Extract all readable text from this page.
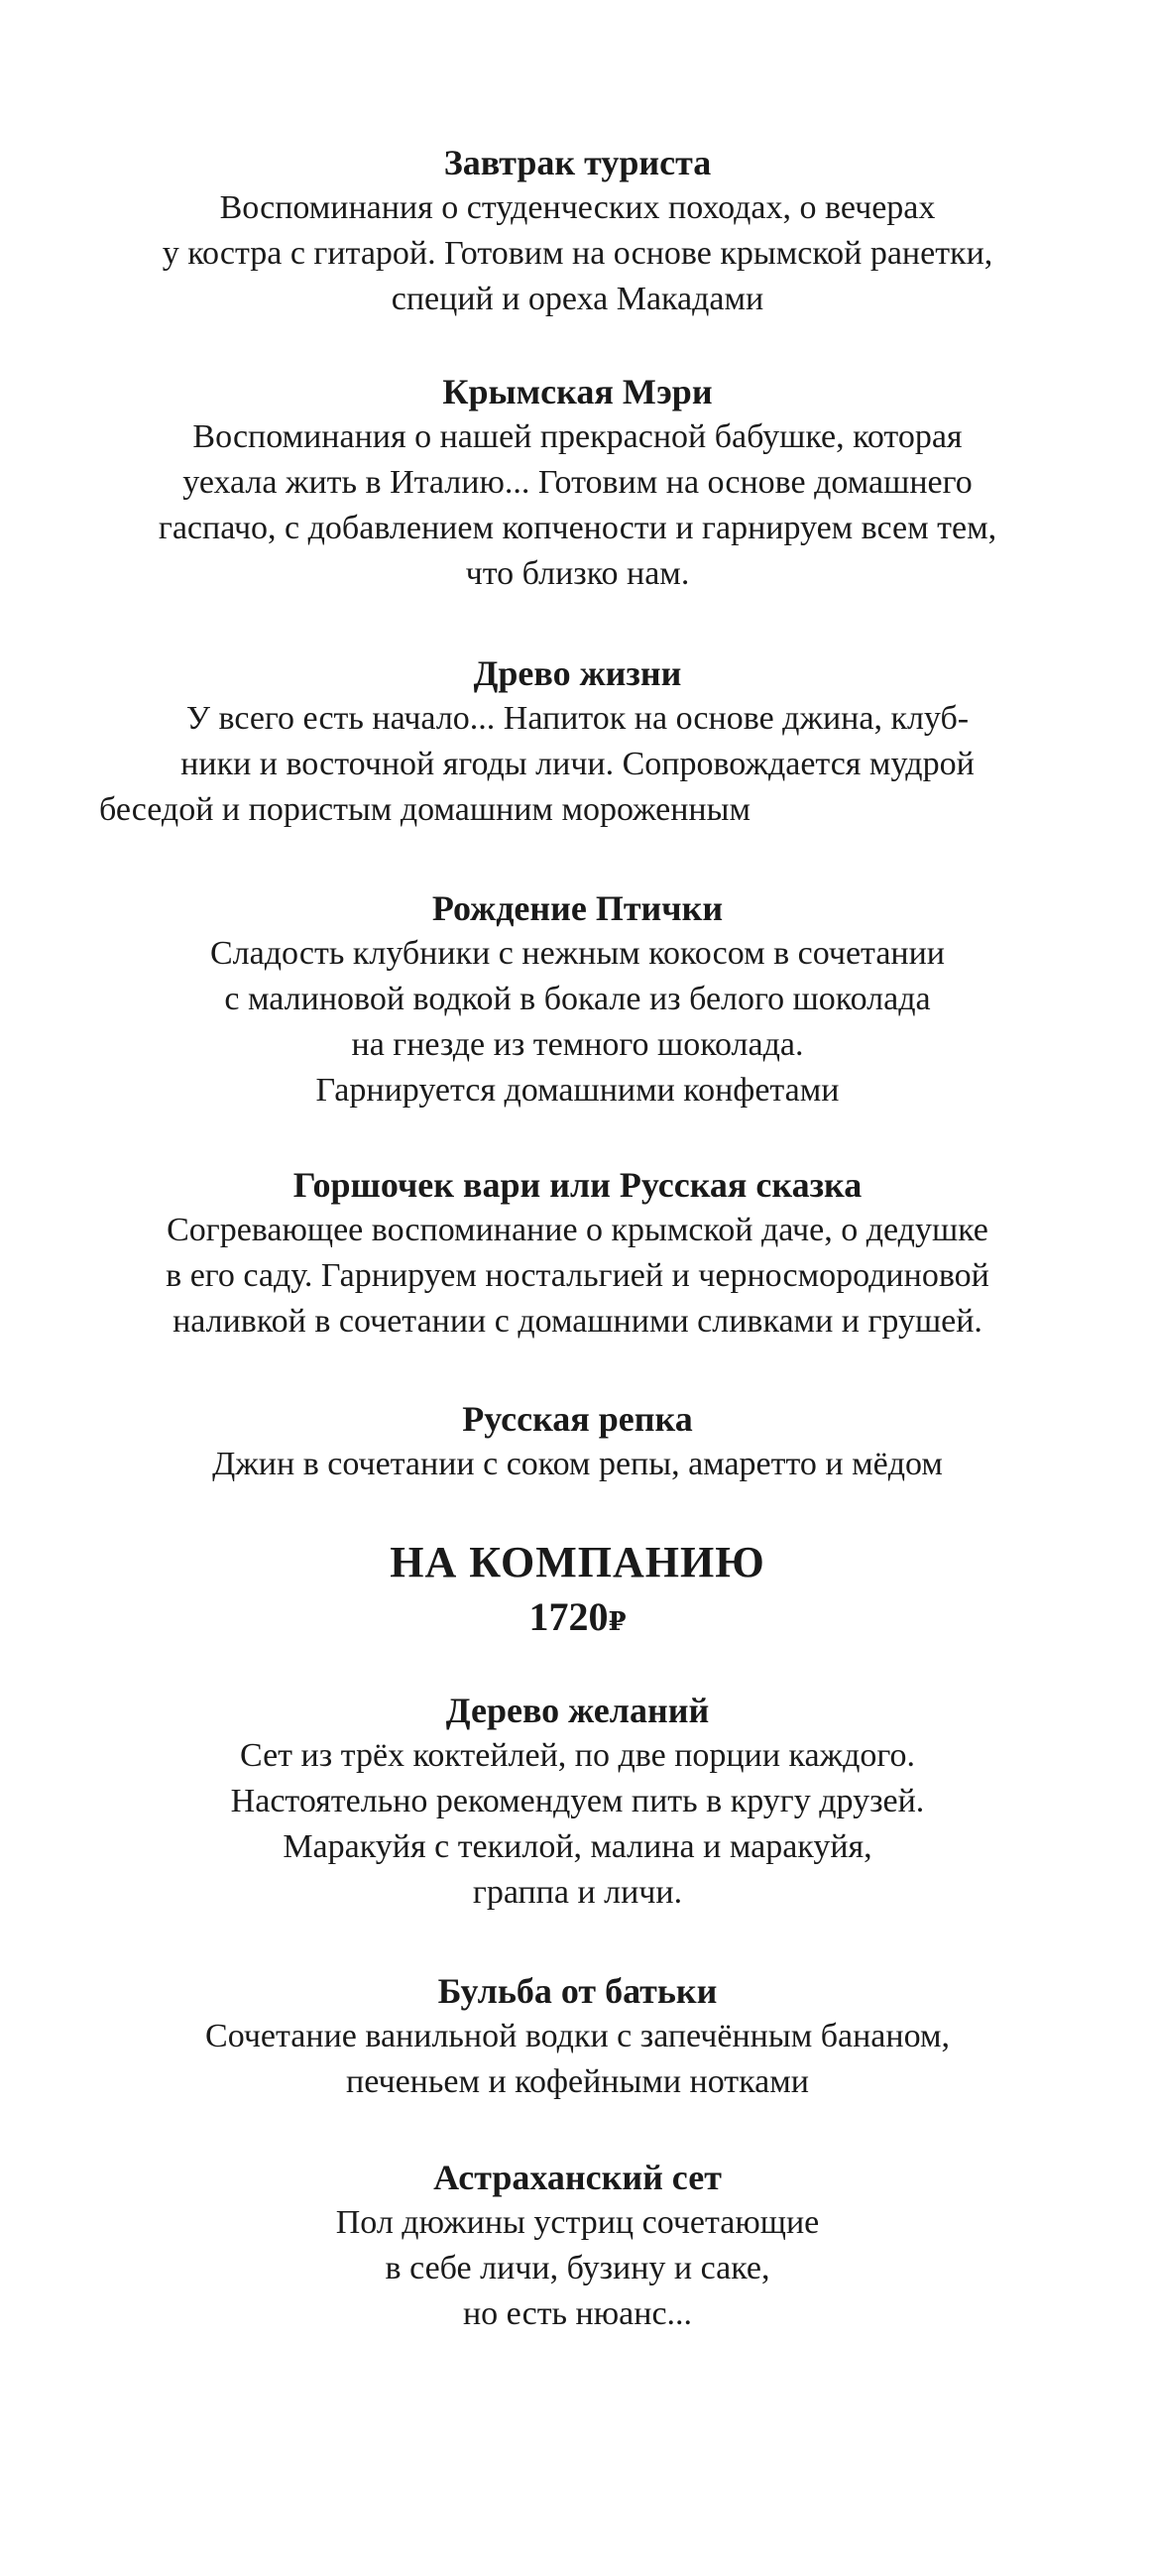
Завтрак туриста

Воспоминания о студенческих походах, о вечерах

у костра с гитарой. Готовим на основе крымской ранетки,

специй и ореха Макадами

Крымская Мэри

Воспоминания о нашей прекрасной бабушке, которая

уехала жить в Италию... Готовим на основе домашнего

гаспачо, с добавлением копчености и гарнируем всем тем,

что близко нам.

Древо жизни

У всего есть начало... Напиток на основе джина, клуб-

ники и восточной ягоды личи. Сопровождается мудрой

беседой и пористым домашним мороженным

Рождение Птички

Сладость клубники с нежным кокосом в сочетании

с малиновой водкой в бокале из белого шоколада

на гнезде из темного шоколада.

Гарнируется домашними конфетами

Горшочек вари или Русская сказка

Согревающее воспоминание о крымской даче, о дедушке

в его саду. Гарнируем ностальгией и черносмородиновой

наливкой в сочетании с домашними сливками и грушей.

Русская репка

Джин в сочетании с соком репы, амаретто и мёдом

НА КОМПАНИЮ

1720₽

Дерево желаний

Сет из трёх коктейлей, по две порции каждого.

Настоятельно рекомендуем пить в кругу друзей.

Маракуйя с текилой, малина и маракуйя,

граппа и личи.

Бульба от батьки

Сочетание ванильной водки с запечённым бананом,

печеньем и кофейными нотками

Астраханский сет

Пол дюжины устриц сочетающие

в себе личи, бузину и саке,

но есть нюанс...
